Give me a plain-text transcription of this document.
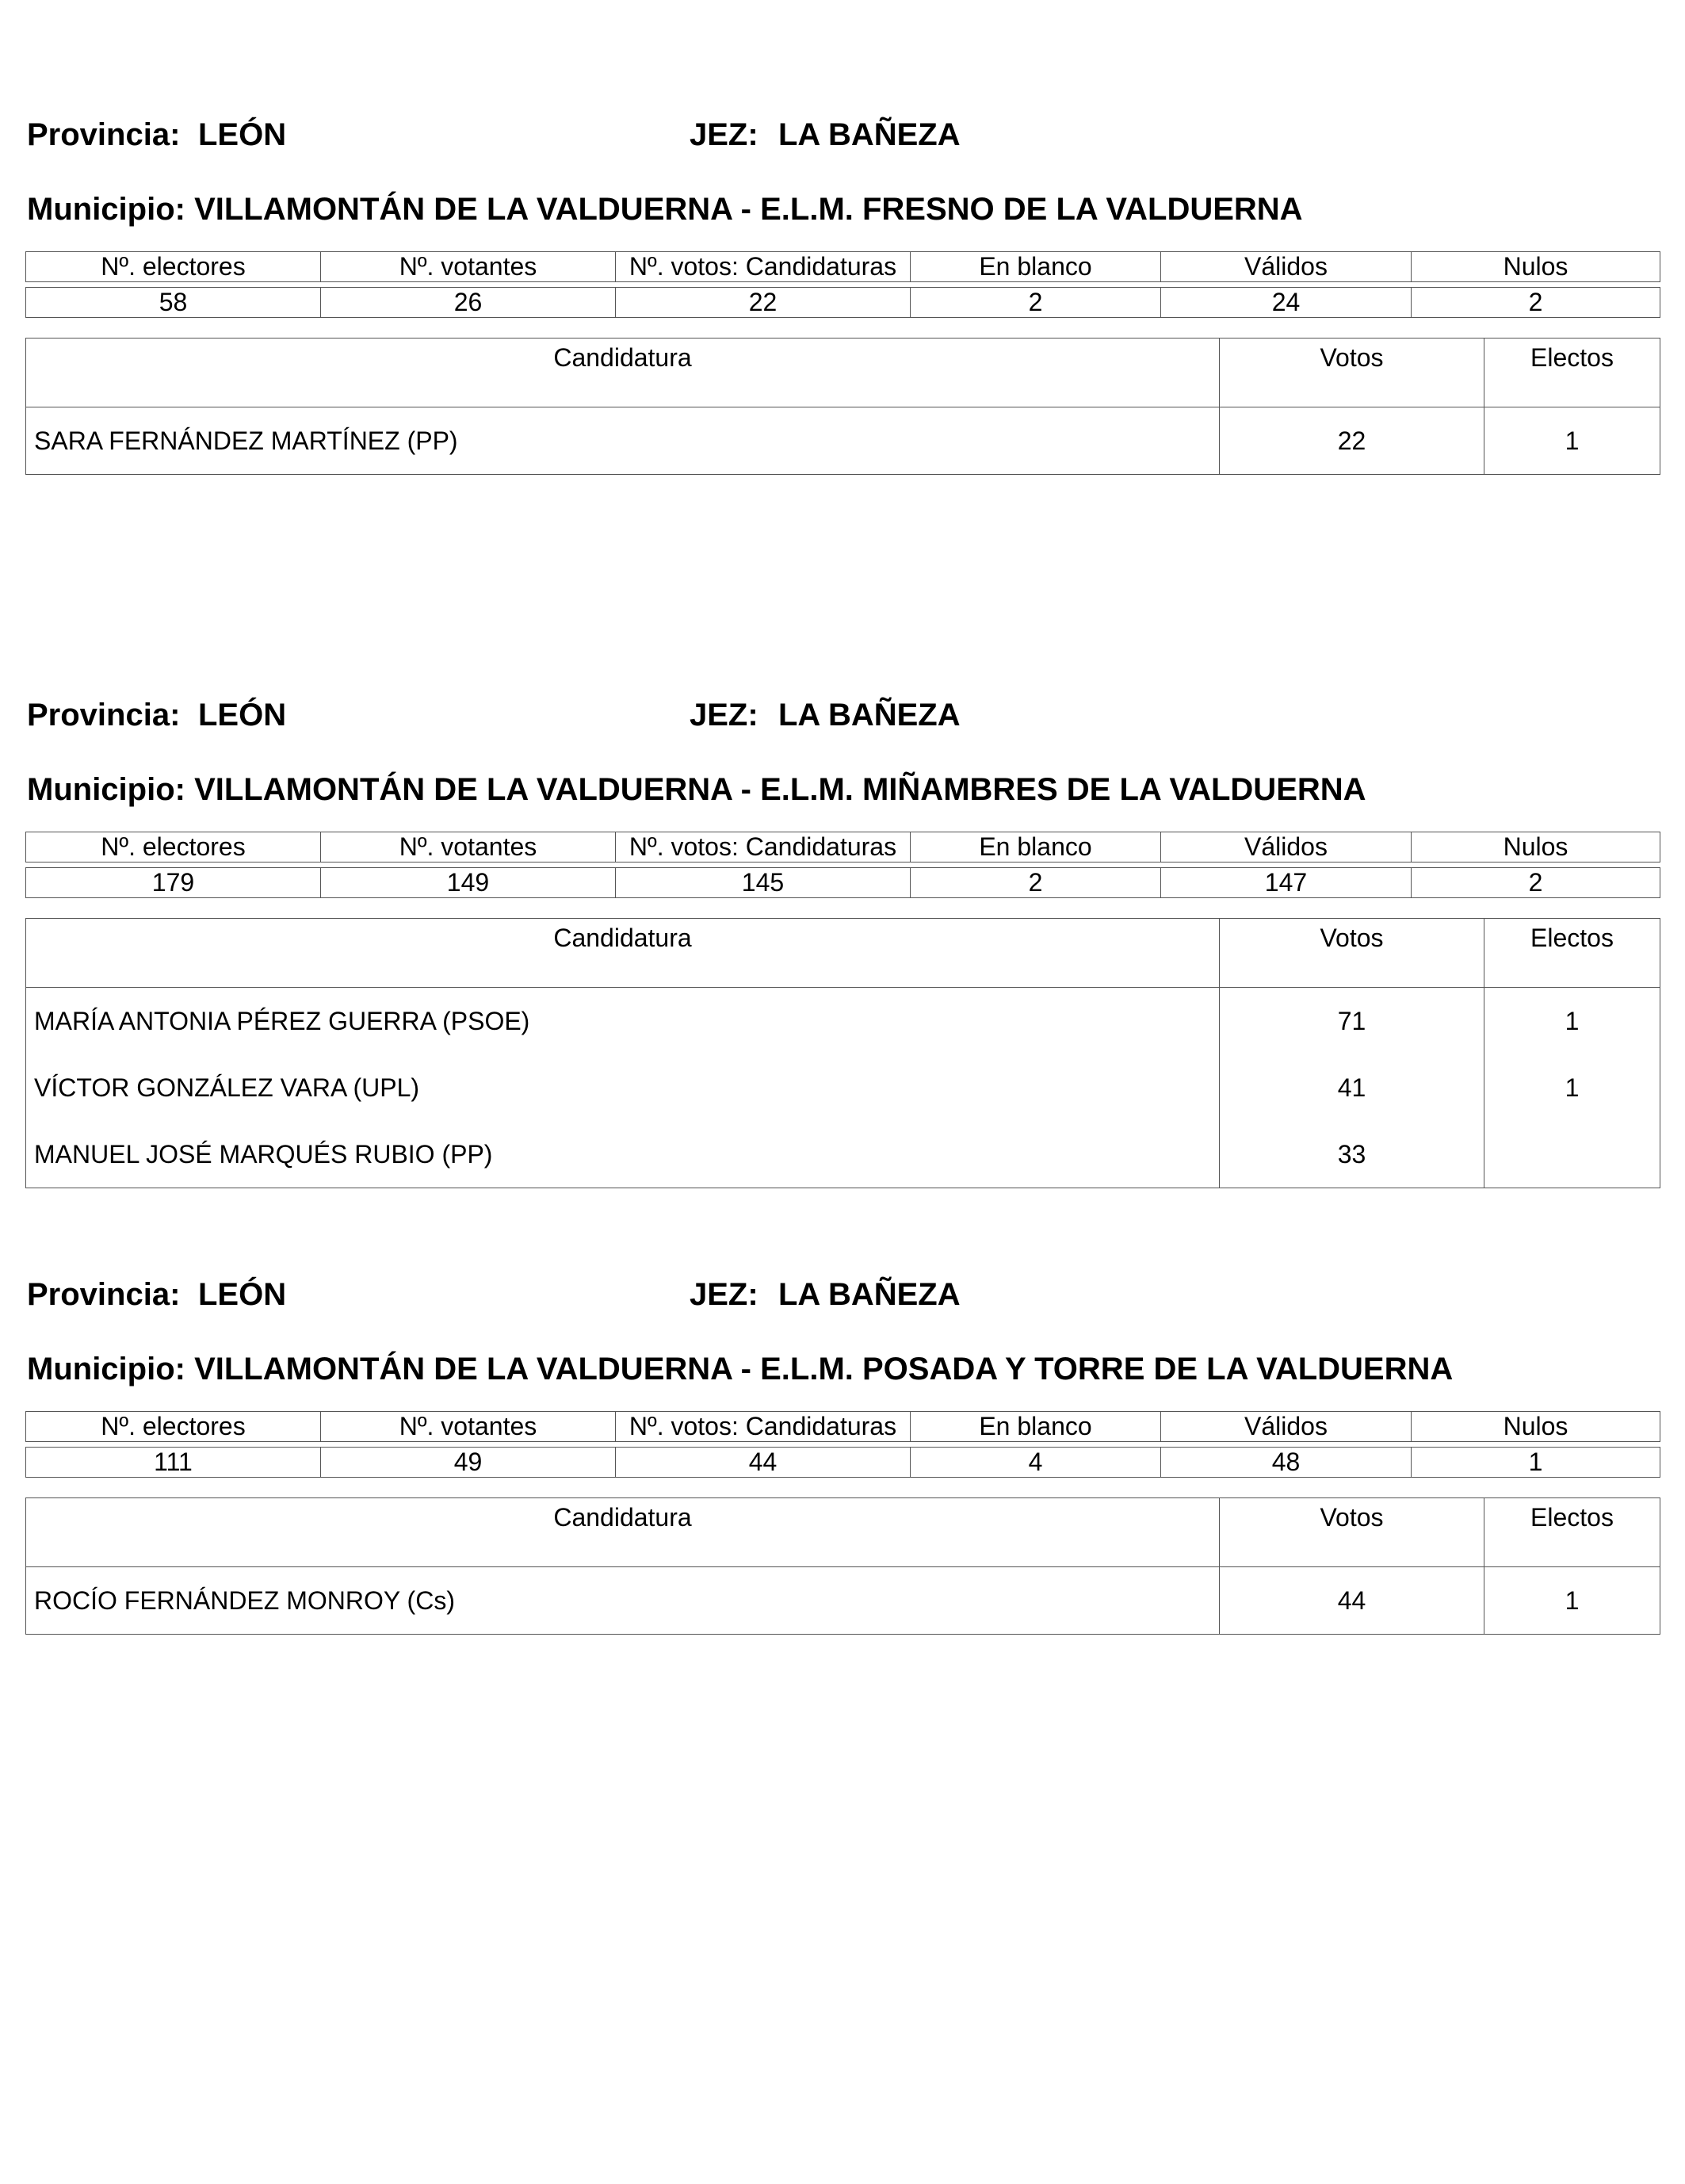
Provincia: LEÓN	JEZ: LA BAÑEZA
Municipio: VILLAMONTÁN DE LA VALDUERNA - E.L.M. FRESNO DE LA VALDUERNA
Nº. electores	Nº. votantes	Nº. votos: Candidaturas	En blanco	Válidos	Nulos

58	26	22	2	24	2
Candidatura	Votos	Electos
SARA FERNÁNDEZ MARTÍNEZ (PP)	22	1
Provincia: LEÓN	JEZ: LA BAÑEZA
Municipio: VILLAMONTÁN DE LA VALDUERNA - E.L.M. MIÑAMBRES DE LA VALDUERNA
Nº. electores	Nº. votantes	Nº. votos: Candidaturas	En blanco	Válidos	Nulos

179	149	145	2	147	2
Candidatura	Votos	Electos
MARÍA ANTONIA PÉREZ GUERRA (PSOE)	71	1
VÍCTOR GONZÁLEZ VARA (UPL)	41	1
MANUEL JOSÉ MARQUÉS RUBIO (PP)	33	
Provincia: LEÓN	JEZ: LA BAÑEZA
Municipio: VILLAMONTÁN DE LA VALDUERNA - E.L.M. POSADA Y TORRE DE LA VALDUERNA
Nº. electores	Nº. votantes	Nº. votos: Candidaturas	En blanco	Válidos	Nulos

111	49	44	4	48	1
Candidatura	Votos	Electos
ROCÍO FERNÁNDEZ MONROY (Cs)	44	1
